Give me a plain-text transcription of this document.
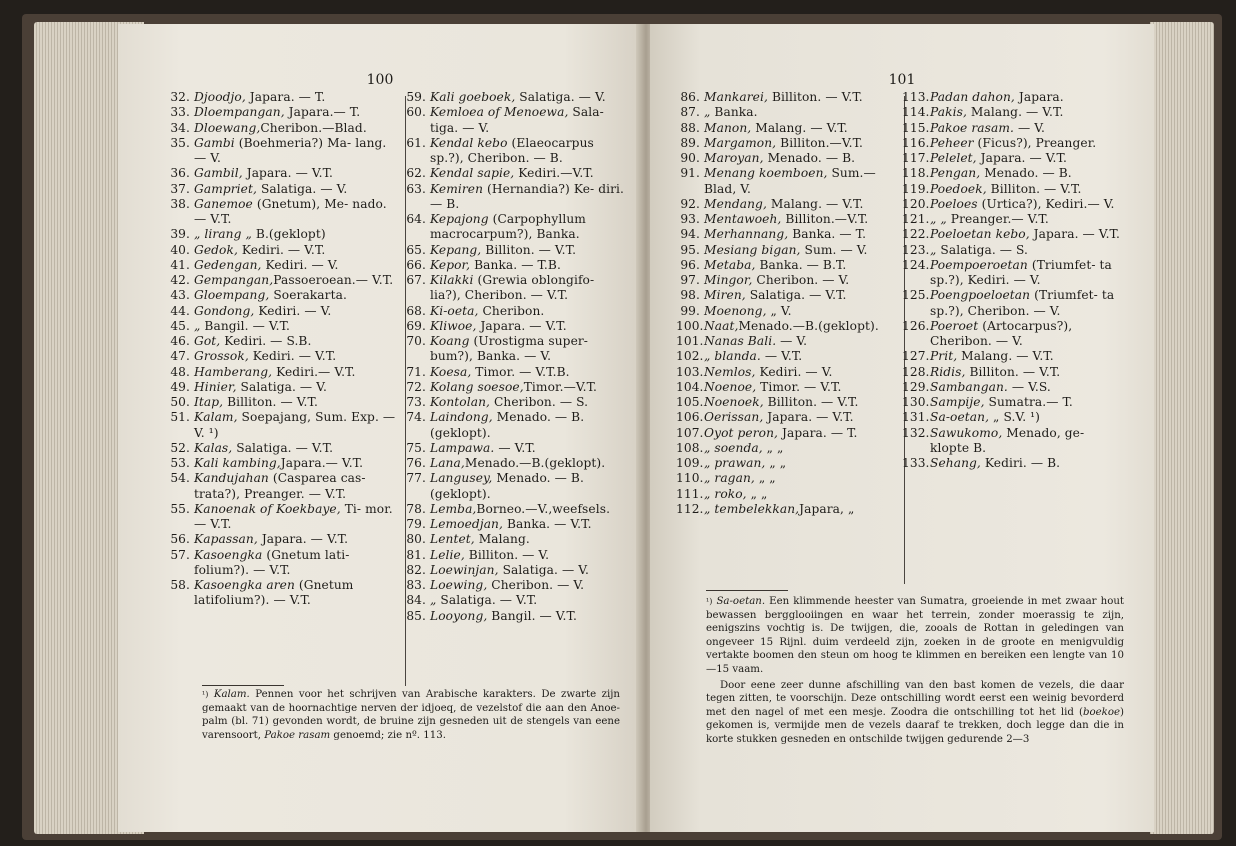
100
32. Djoodjo, Japara. — T.
33. Dloempangan, Japara.— T.
34. Dloewang,Cheribon.—Blad.
35. Gambi (Boehmeria?) Ma- lang. — V.
36. Gambil, Japara. — V.T.
37. Gampriet, Salatiga. — V.
38. Ganemoe (Gnetum), Me- nado. — V.T.
39. „ lirang „ B.(geklopt)
40. Gedok, Kediri. — V.T.
41. Gedengan, Kediri. — V.
42. Gempangan,Passoeroean.— V.T.
43. Gloempang, Soerakarta.
44. Gondong, Kediri. — V.
45. „ Bangil. — V.T.
46. Got, Kediri. — S.B.
47. Grossok, Kediri. — V.T.
48. Hamberang, Kediri.— V.T.
49. Hinier, Salatiga. — V.
50. Itap, Billiton. — V.T.
51. Kalam, Soepajang, Sum. Exp. — V. ¹)
52. Kalas, Salatiga. — V.T.
53. Kali kambing,Japara.— V.T.
54. Kandujahan (Casparea cas- trata?), Preanger. — V.T.
55. Kanoenak of Koekbaye, Ti- mor. — V.T.
56. Kapassan, Japara. — V.T.
57. Kasoengka (Gnetum lati- folium?). — V.T.
58. Kasoengka aren (Gnetum latifolium?). — V.T.
59. Kali goeboek, Salatiga. — V.
60. Kemloea of Menoewa, Sala- tiga. — V.
61. Kendal kebo (Elaeocarpus sp.?), Cheribon. — B.
62. Kendal sapie, Kediri.—V.T.
63. Kemiren (Hernandia?) Ke- diri. — B.
64. Kepajong (Carpophyllum macrocarpum?), Banka.
65. Kepang, Billiton. — V.T.
66. Kepor, Banka. — T.B.
67. Kilakki (Grewia oblongifo- lia?), Cheribon. — V.T.
68. Ki-oeta, Cheribon.
69. Kliwoe, Japara. — V.T.
70. Koang (Urostigma super- bum?), Banka. — V.
71. Koesa, Timor. — V.T.B.
72. Kolang soesoe,Timor.—V.T.
73. Kontolan, Cheribon. — S.
74. Laindong, Menado. — B. (geklopt).
75. Lampawa. — V.T.
76. Lana,Menado.—B.(geklopt).
77. Langusey, Menado. — B. (geklopt).
78. Lemba,Borneo.—V.,weefsels.
79. Lemoedjan, Banka. — V.T.
80. Lentet, Malang.
81. Lelie, Billiton. — V.
82. Loewinjan, Salatiga. — V.
83. Loewing, Cheribon. — V.
84. „ Salatiga. — V.T.
85. Looyong, Bangil. — V.T.

$^{^1)}$ Kalam. Pennen voor het schrijven van Arabische karakters. De zwarte zijn gemaakt van de hoornachtige nerven der idjoeq, de vezelstof die aan den Anoe-palm (bl. 71) gevonden wordt, de bruine zijn gesneden uit de stengels van eene varensoort, Pakoe rasam genoemd; zie nº. 113.

101
86. Mankarei, Billiton. — V.T.
87. „ Banka.
88. Manon, Malang. — V.T.
89. Margamon, Billiton.—V.T.
90. Maroyan, Menado. — B.
91. Menang koemboen, Sum.— Blad, V.
92. Mendang, Malang. — V.T.
93. Mentawoeh, Billiton.—V.T.
94. Merhannang, Banka. — T.
95. Mesiang bigan, Sum. — V.
96. Metaba, Banka. — B.T.
97. Mingor, Cheribon. — V.
98. Miren, Salatiga. — V.T.
99. Moenong, „ V.
100. Naat,Menado.—B.(geklopt).
101. Nanas Bali. — V.
102. „ blanda. — V.T.
103. Nemlos, Kediri. — V.
104. Noenoe, Timor. — V.T.
105. Noenoek, Billiton. — V.T.
106. Oerissan, Japara. — V.T.
107. Oyot peron, Japara. — T.
108. „ soenda, „ „
109. „ prawan, „ „
110. „ ragan, „ „
111. „ roko, „ „
112. „ tembelekkan,Japara, „
113. Padan dahon, Japara.
114. Pakis, Malang. — V.T.
115. Pakoe rasam. — V.
116. Peheer (Ficus?), Preanger.
117. Pelelet, Japara. — V.T.
118. Pengan, Menado. — B.
119. Poedoek, Billiton. — V.T.
120. Poeloes (Urtica?), Kediri.— V.
121. „ „ Preanger.— V.T.
122. Poeloetan kebo, Japara. — V.T.
123. „ Salatiga. — S.
124. Poempoeroetan (Triumfet- ta sp.?), Kediri. — V.
125. Poengpoeloetan (Triumfet- ta sp.?), Cheribon. — V.
126. Poeroet (Artocarpus?), Cheribon. — V.
127. Prit, Malang. — V.T.
128. Ridis, Billiton. — V.T.
129. Sambangan. — V.S.
130. Sampije, Sumatra.— T.
131. Sa-oetan, „ S.V. ¹)
132. Sawukomo, Menado, ge- klopte B.
133. Sehang, Kediri. — B.

$^{^1)}$ Sa-oetan. Een klimmende heester van Sumatra, groeiende in met zwaar hout bewassen bergglooiingen en waar het terrein, zonder moerassig te zijn, eenigszins vochtig is. De twijgen, die, zooals de Rottan in geledingen van ongeveer 15 Rijnl. duim verdeeld zijn, zoeken in de groote en menigvuldig vertakte boomen den steun om hoog te klimmen en bereiken een lengte van 10—15 vaam.

Door eene zeer dunne afschilling van den bast komen de vezels, die daar tegen zitten, te voorschijn. Deze ontschilling wordt eerst een weinig bevorderd met den nagel of met een mesje. Zoodra die ontschilling tot het lid (boekoe) gekomen is, vermijde men de vezels daaraf te trekken, doch legge dan die in korte stukken gesneden en ontschilde twijgen gedurende 2—3
